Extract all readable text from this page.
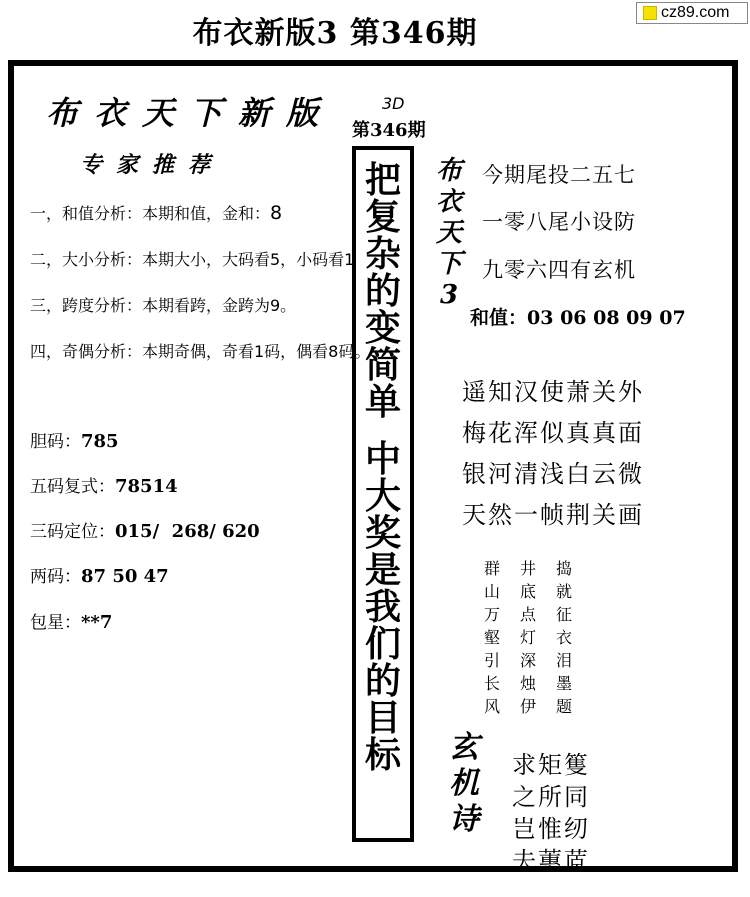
布衣新版3 第346期
cz89.com
布衣天下新版
专家推荐
一，和值分析：本期和值，金和：8
二，大小分析：本期大小，大码看5，小码看1
三，跨度分析：本期看跨，金跨为9。
四，奇偶分析：本期奇偶，奇看1码，偶看8码。
胆码：785
五码复式：78514
三码定位：015/  268/ 620
两码：87 50 47
包星：**7
3D
第346期
把
复
杂
的
变
简
单
中
大
奖
是
我
们
的
目
标
布
衣
天
下
3
今期尾投二五七
一零八尾小设防
九零六四有玄机
和值：03 06 08 09 07
遥知汉使萧关外
梅花浑似真真面
银河清浅白云微
天然一帧荆关画
群
山
万
壑
引
长
风
井
底
点
灯
深
烛
伊
捣
就
征
衣
泪
墨
题
玄
机
诗
求矩篗
之所同
岂惟纫
夫蕙茝
